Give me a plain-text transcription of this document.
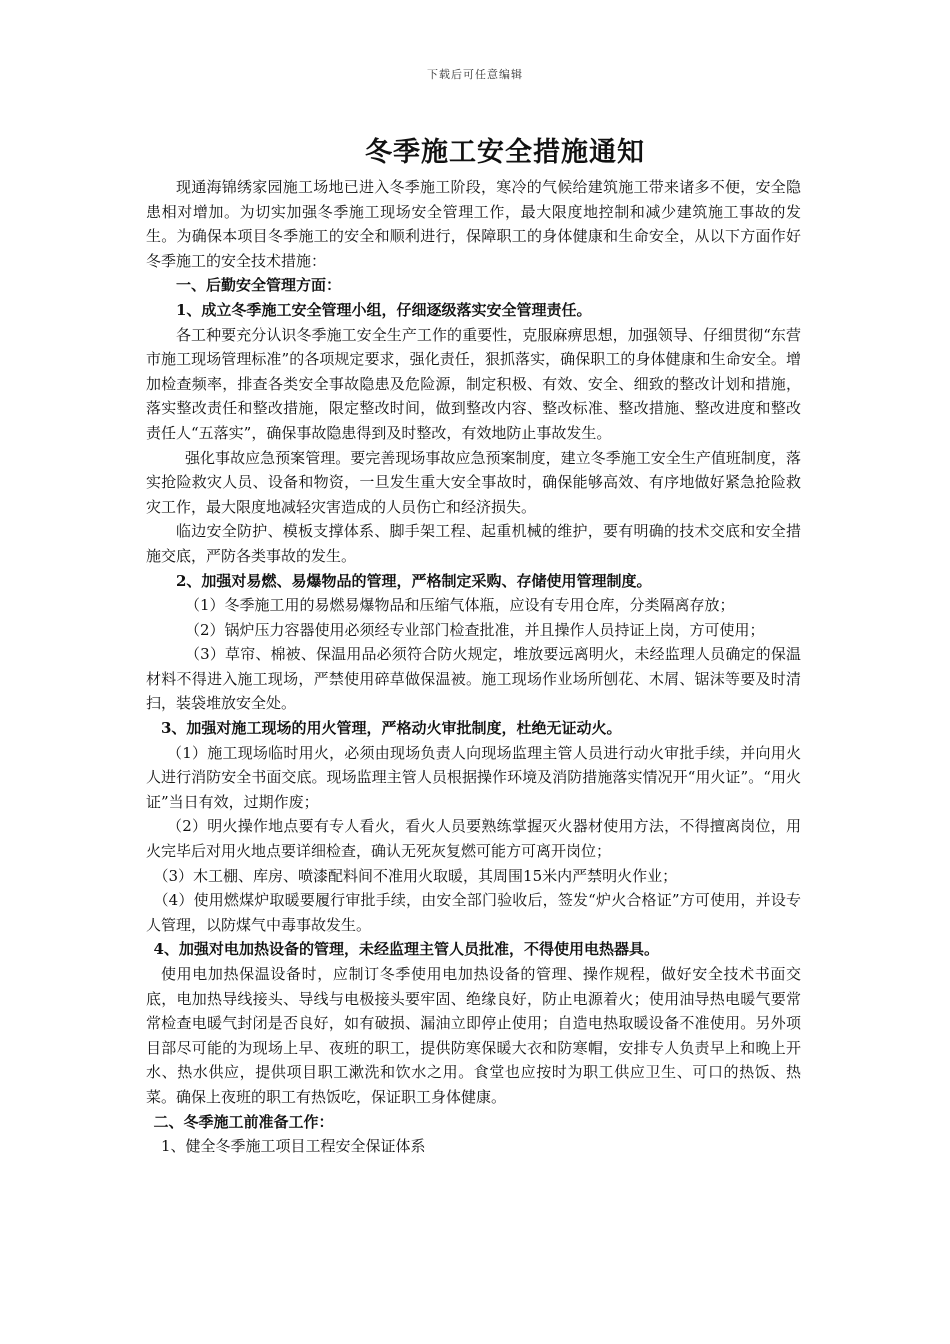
下载后可任意编辑
冬季施工安全措施通知

现通海锦绣家园施工场地已进入冬季施工阶段，寒冷的气候给建筑施工带来诸多不便，安全隐患相对增加。为切实加强冬季施工现场安全管理工作，最大限度地控制和减少建筑施工事故的发生。为确保本项目冬季施工的安全和顺利进行，保障职工的身体健康和生命安全，从以下方面作好冬季施工的安全技术措施：

一、后勤安全管理方面：

1、成立冬季施工安全管理小组，仔细逐级落实安全管理责任。

各工种要充分认识冬季施工安全生产工作的重要性，克服麻痹思想，加强领导、仔细贯彻“东营市施工现场管理标准”的各项规定要求，强化责任，狠抓落实，确保职工的身体健康和生命安全。增加检查频率，排查各类安全事故隐患及危险源，制定积极、有效、安全、细致的整改计划和措施，落实整改责任和整改措施，限定整改时间，做到整改内容、整改标准、整改措施、整改进度和整改责任人“五落实”，确保事故隐患得到及时整改，有效地防止事故发生。

强化事故应急预案管理。要完善现场事故应急预案制度，建立冬季施工安全生产值班制度，落实抢险救灾人员、设备和物资，一旦发生重大安全事故时，确保能够高效、有序地做好紧急抢险救灾工作，最大限度地减轻灾害造成的人员伤亡和经济损失。

临边安全防护、模板支撑体系、脚手架工程、起重机械的维护，要有明确的技术交底和安全措施交底，严防各类事故的发生。

2、加强对易燃、易爆物品的管理，严格制定采购、存储使用管理制度。

（1）冬季施工用的易燃易爆物品和压缩气体瓶，应设有专用仓库，分类隔离存放；

（2）锅炉压力容器使用必须经专业部门检查批准，并且操作人员持证上岗，方可使用；

（3）草帘、棉被、保温用品必须符合防火规定，堆放要远离明火，未经监理人员确定的保温材料不得进入施工现场，严禁使用碎草做保温被。施工现场作业场所刨花、木屑、锯沫等要及时清扫，装袋堆放安全处。

3、加强对施工现场的用火管理，严格动火审批制度，杜绝无证动火。

（1）施工现场临时用火，必须由现场负责人向现场监理主管人员进行动火审批手续，并向用火人进行消防安全书面交底。现场监理主管人员根据操作环境及消防措施落实情况开“用火证”。“用火证”当日有效，过期作废；

（2）明火操作地点要有专人看火，看火人员要熟练掌握灭火器材使用方法，不得擅离岗位，用火完毕后对用火地点要详细检查，确认无死灰复燃可能方可离开岗位；

（3）木工棚、库房、喷漆配料间不准用火取暖，其周围15米内严禁明火作业；

（4）使用燃煤炉取暖要履行审批手续，由安全部门验收后，签发“炉火合格证”方可使用，并设专人管理，以防煤气中毒事故发生。

4、加强对电加热设备的管理，未经监理主管人员批准，不得使用电热器具。

使用电加热保温设备时，应制订冬季使用电加热设备的管理、操作规程，做好安全技术书面交底，电加热导线接头、导线与电极接头要牢固、绝缘良好，防止电源着火；使用油导热电暖气要常常检查电暖气封闭是否良好，如有破损、漏油立即停止使用；自造电热取暖设备不准使用。另外项目部尽可能的为现场上早、夜班的职工，提供防寒保暖大衣和防寒帽，安排专人负责早上和晚上开水、热水供应，提供项目职工漱洗和饮水之用。食堂也应按时为职工供应卫生、可口的热饭、热菜。确保上夜班的职工有热饭吃，保证职工身体健康。

二、冬季施工前准备工作：

1、健全冬季施工项目工程安全保证体系
